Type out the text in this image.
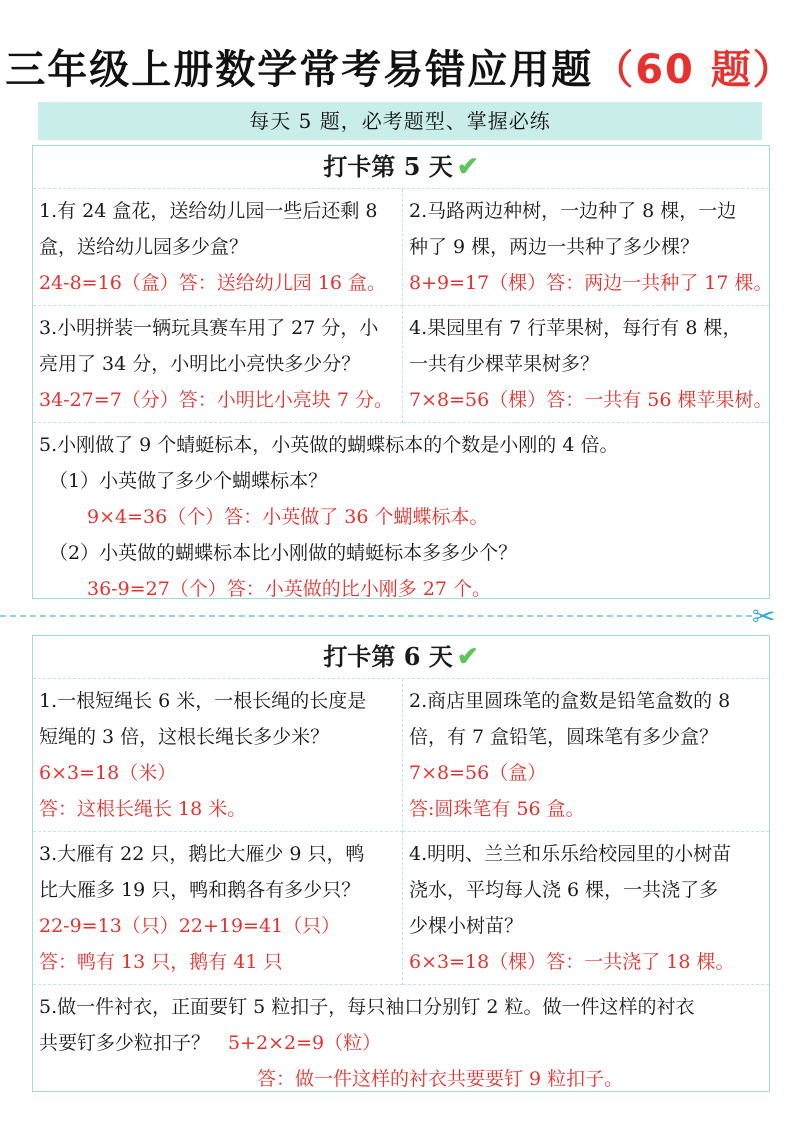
三年级上册数学常考易错应用题（60 题）
每天 5 题，必考题型、掌握必练
打卡第 5 天 ✔
1.有 24 盒花，送给幼儿园一些后还剩 8
盒，送给幼儿园多少盒？
24-8=16（盒）答：送给幼儿园 16 盒。
2.马路两边种树，一边种了 8 棵，一边
种了 9 棵，两边一共种了多少棵？
8+9=17（棵）答：两边一共种了 17 棵。
3.小明拼装一辆玩具赛车用了 27 分，小
亮用了 34 分，小明比小亮快多少分？
34-27=7（分）答：小明比小亮块 7 分。
4.果园里有 7 行苹果树，每行有 8 棵，
一共有少棵苹果树多？
7×8=56（棵）答：一共有 56 棵苹果树。
5.小刚做了 9 个蜻蜓标本，小英做的蝴蝶标本的个数是小刚的 4 倍。
（1）小英做了多少个蝴蝶标本？
9×4=36（个）答：小英做了 36 个蝴蝶标本。
（2）小英做的蝴蝶标本比小刚做的蜻蜓标本多多少个？
36-9=27（个）答：小英做的比小刚多 27 个。
✂
打卡第 6 天 ✔
1.一根短绳长 6 米，一根长绳的长度是
短绳的 3 倍，这根长绳长多少米？
6×3=18（米）
答：这根长绳长 18 米。
2.商店里圆珠笔的盒数是铅笔盒数的 8
倍，有 7 盒铅笔，圆珠笔有多少盒？
7×8=56（盒）
答:圆珠笔有 56 盒。
3.大雁有 22 只，鹅比大雁少 9 只，鸭
比大雁多 19 只，鸭和鹅各有多少只？
22-9=13（只）22+19=41（只）
答：鸭有 13 只，鹅有 41 只
4.明明、兰兰和乐乐给校园里的小树苗
浇水，平均每人浇 6 棵，一共浇了多
少棵小树苗？
6×3=18（棵）答：一共浇了 18 棵。
5.做一件衬衣，正面要钉 5 粒扣子，每只袖口分别钉 2 粒。做一件这样的衬衣
共要钉多少粒扣子？ 5+2×2=9（粒）
答：做一件这样的衬衣共要要钉 9 粒扣子。
